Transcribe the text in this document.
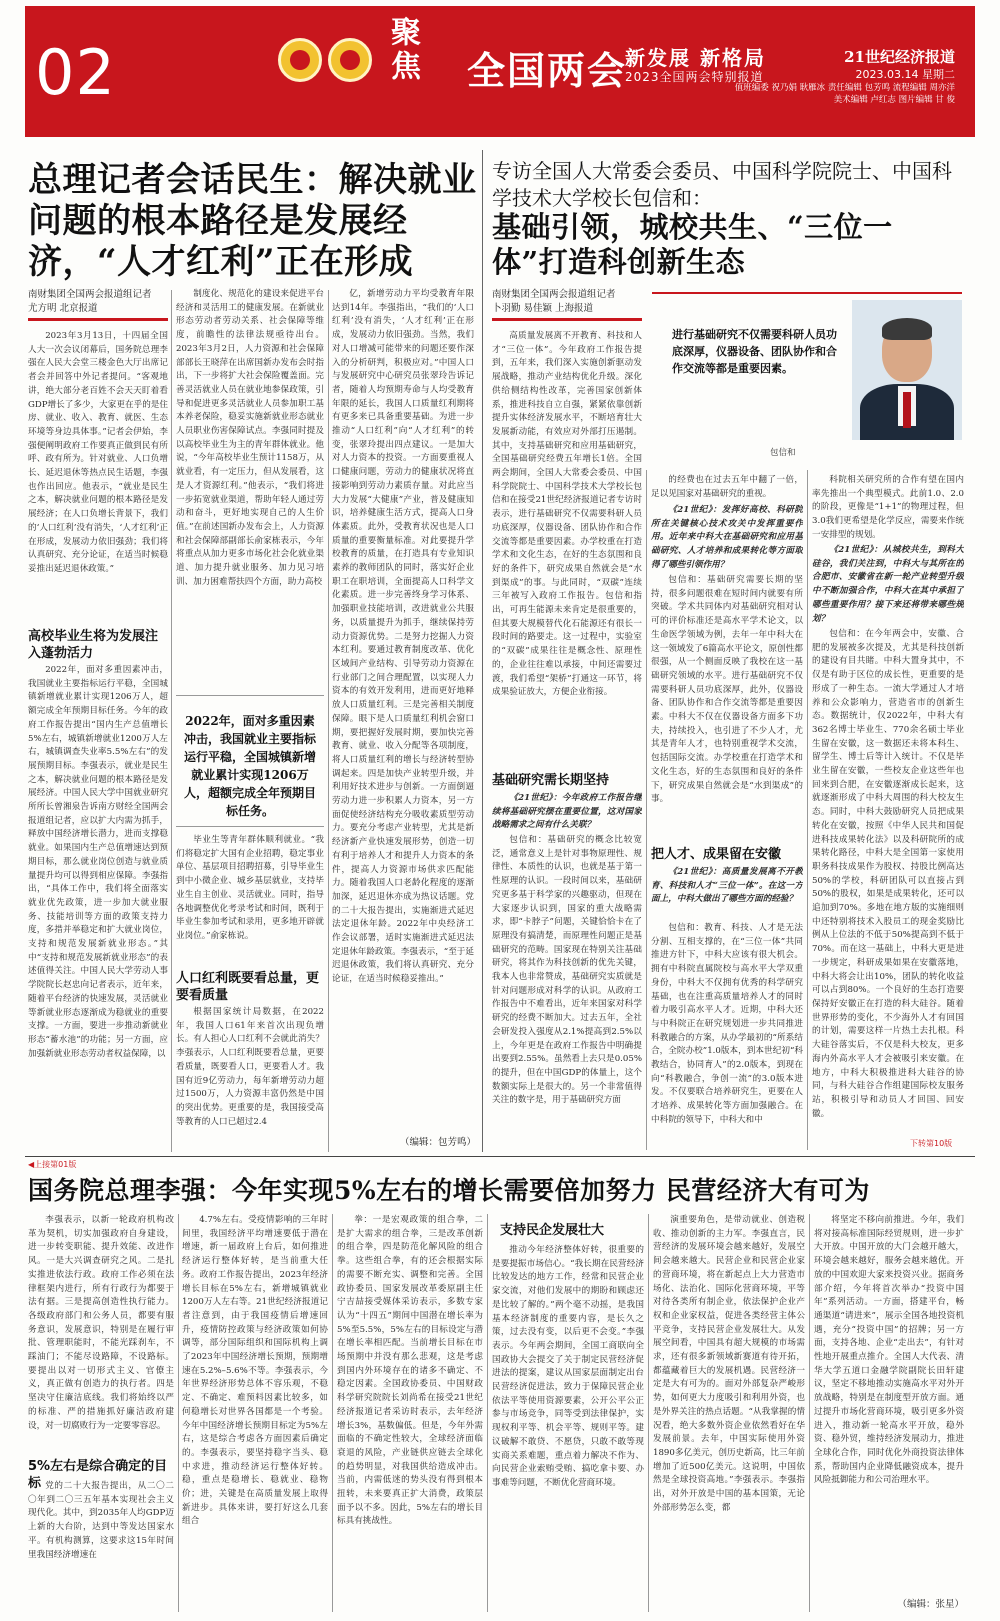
02	聚焦 全国两会
新发展 新格局
2023全国两会特别报道
21世纪经济报道
2023.03.14 星期二
值班编委 祝乃娟 耿雁冰 责任编辑 包芳鸣 流程编辑 周亦洋
美术编辑 卢红志 图片编辑 甘 俊
总理记者会话民生：解决就业问题的根本路径是发展经济，“人才红利”正在形成
南财集团全国两会报道组记者
尤方明 北京报道
2023年3月13日，十四届全国人大一次会议闭幕后，国务院总理李强在人民大会堂三楼金色大厅出席记者会并回答中外记者提问。“客观地讲，绝大部分老百姓不会天天盯着看GDP增长了多少，大家更在乎的是住房、就业、收入、教育、就医、生态环境等身边具体事。”记者会伊始，李强便阐明政府工作要真正做到民有所呼、政有所为。针对就业、人口负增长、延迟退休等热点民生话题，李强也作出回应。他表示，“就业是民生之本，解决就业问题的根本路径是发展经济；在人口负增长背景下，我们的‘人口红利’没有消失，‘人才红利’正在形成，发展动力依旧强劲；我们将认真研究、充分论证，在适当时候稳妥推出延迟退休政策。”
高校毕业生将为发展注入蓬勃活力
2022年，面对多重因素冲击，我国就业主要指标运行平稳，全国城镇新增就业累计实现1206万人，超额完成全年预期目标任务。今年的政府工作报告提出“国内生产总值增长5%左右，城镇新增就业1200万人左右，城镇调查失业率5.5%左右”的发展预期目标。李强表示，就业是民生之本，解决就业问题的根本路径是发展经济。中国人民大学中国就业研究所所长曾湘泉告诉南方财经全国两会报道组记者，应以扩大内需为抓手，释放中国经济增长潜力，进而支撑稳就业。如果国内生产总值增速达到预期目标，那么就业岗位创造与就业质量提升均可以得到相应保障。李强指出，“具体工作中，我们将全面落实就业优先政策，进一步加大就业服务、技能培训等方面的政策支持力度，多措并举稳定和扩大就业岗位，支持和规范发展新就业形态。”其中“支持和规范发展新就业形态”的表述值得关注。中国人民大学劳动人事学院院长赵忠向记者表示，近年来，随着平台经济的快速发展，灵活就业等新就业形态逐渐成为稳就业的重要支撑。一方面，要进一步推动新就业形态“蓄水池”的功能；另一方面，应加强新就业形态劳动者权益保障，以
制度化、规范化的建设来促进平台经济和灵活用工的健康发展。在新就业形态劳动者劳动关系、社会保障等维度，前瞻性的法律法规亟待出台。2023年3月2日，人力资源和社会保障部部长王晓萍在出席国新办发布会时指出，下一步将扩大社会保险覆盖面。完善灵活就业人员在就业地参保政策，引导和促进更多灵活就业人员参加职工基本养老保险，稳妥实施新就业形态就业人员职业伤害保障试点。李强同时提及以高校毕业生为主的青年群体就业。他说，“今年高校毕业生预计1158万，从就业看，有一定压力，但从发展看，这是人才资源红利。”他表示，“我们将进一步拓宽就业渠道，帮助年轻人通过劳动和奋斗，更好地实现自己的人生价值。”在前述国新办发布会上，人力资源和社会保障部副部长俞家栋表示，今年将重点从加力更多市场化社会化就业渠道、加力提升就业服务、加力见习培训、加力困难帮扶四个方面，助力高校
2022年，面对多重因素冲击，我国就业主要指标运行平稳，全国城镇新增就业累计实现1206万人，超额完成全年预期目标任务。
毕业生等青年群体顺利就业。“我们将稳定扩大国有企业招聘，稳定事业单位、基层项目招聘招募，引导毕业生到中小微企业、城乡基层就业，支持毕业生自主创业、灵活就业。同时，指导各地调整优化考录考试和时间，既利于毕业生参加考试和录用，更多地开辟就业岗位。”俞家栋说。
人口红利既要看总量，更要看质量
根据国家统计局数据，在2022年，我国人口61年来首次出现负增长。有人担心人口红利不会就此消失？李强表示，人口红利既要看总量，更要看质量，既要看人口，更要看人才。我国有近9亿劳动力，每年新增劳动力超过1500万，人力资源丰富仍然是中国的突出优势。更重要的是，我国接受高等教育的人口已超过2.4
亿，新增劳动力平均受教育年限达到14年。李强指出，“我们的‘人口红利’没有消失，‘人才红利’正在形成，发展动力依旧强劲。当然，我们对人口增减可能带来的问题还要作深入的分析研判，积极应对。”中国人口与发展研究中心研究员张翠玲告诉记者，随着人均预期寿命与人均受教育年限的延长，我国人口质量红利期将有更多来已具备重要基础。为进一步推动“人口红利”向“人才红利”的转变，张翠玲提出四点建议。一是加大对人力资本的投资。一方面要重视人口健康问题，劳动力的健康状况将直接影响到劳动力素质存量。对此应当大力发展“大健康”产业，普及健康知识，培养健康生活方式，提高人口身体素质。此外，受教育状况也是人口质量的重要衡量标准。对此要提升学校教育的质量，在打造具有专业知识素养的教师团队的同时，落实好企业职工在职培训，全面提高人口科学文化素质。进一步完善终身学习体系、加强职业技能培训，改进就业公共服务，以质量提升为抓手，继续保持劳动力资源优势。二是努力挖掘人力资本红利。要通过教育制度改革、优化区域间产业结构、引导劳动力资源在行业部门之间合理配置，以实现人力资本的有效开发利用，进而更好地释放人口质量红利。三是完善相关制度保障。眼下是人口质量红利机会窗口期，要把握好发展时期，要加快完善教育、就业、收入分配等各项制度，将人口质量红利的增长与经济转型协调起来。四是加快产业转型升级，并利用好技术进步与创新。一方面倒逼劳动力进一步积累人力资本，另一方面促使经济结构充分吸收素质型劳动力。要充分考虑产业转型，尤其是新经济新产业快速发展形势，创造一切有利于培养人才和提升人力资本的条件，提高人力资源市场供求匹配能力。随着我国人口老龄化程度的逐渐加深，延迟退休亦成为热议话题。党的二十大报告提出，实施渐进式延迟法定退休年龄。2022年中央经济工作会议部署，适时实施渐进式延迟法定退休年龄政策。李强表示，“至于延迟退休政策，我们将认真研究、充分论证，在适当时候稳妥推出。”
（编辑：包芳鸣）
专访全国人大常委会委员、中国科学院院士、中国科学技术大学校长包信和：
基础引领，城校共生、“三位一体”打造科创新生态
南财集团全国两会报道组记者
卜羽勤 易佳颖 上海报道
进行基础研究不仅需要科研人员功底深厚，仪器设备、团队协作和合作交流等都是重要因素。
包信和
高质量发展离不开教育、科技和人才“三位一体”。今年政府工作报告提到，五年来，我们深入实施创新驱动发展战略，推动产业结构优化升级。深化供给侧结构性改革，完善国家创新体系，推进科技自立自强，紧紧依靠创新提升实体经济发展水平，不断培育壮大发展新动能，有效应对外部打压遏制。其中，支持基础研究和应用基础研究，全国基础研究经费五年增长1倍。全国两会期间，全国人大常委会委员、中国科学院院士、中国科学技术大学校长包信和在接受21世纪经济报道记者专访时表示，进行基础研究不仅需要科研人员功底深厚，仪器设备、团队协作和合作交流等都是重要因素。办学校重在打造学术和文化生态，在好的生态氛围和良好的条件下，研究成果自然就会是“水到渠成”的事。与此同时，“双碳”连续三年被写入政府工作报告。包信和指出，可再生能源未来肯定是很重要的，但其要大规模替代化石能源还有很长一段时间的路要走。这一过程中，实验室的“双碳”成果往往是概念性、原理性的，企业往往难以承接，中间还需要过渡，我们希望“架桥”打通这一环节，将成果验证放大，方便企业衔接。
基础研究需长期坚持
《21世纪》：今年政府工作报告继续将基础研究摆在重要位置，这对国家战略需求之间有什么关联？
包信和：基础研究的概念比较宽泛，通常意义上是针对事物原理性、规律性、本质性的认识，也就是基于第一性原理的认识。一段时间以来，基础研究更多基于科学家的兴趣驱动，但现在大家逐步认识到，国家的重大战略需求，即“卡脖子”问题，关键恰恰卡在了原理没有搞清楚，而原理性问题正是基础研究的范畴。国家现在特别关注基础研究，将其作为科技创新的优先关键，我本人也非常赞成，基础研究实质就是针对问题形成对科学的认识。从政府工作报告中不难看出，近年来国家对科学研究的经费不断加大。过去五年，全社会研发投入强度从2.1%提高到2.5%以上，今年更是在政府工作报告中明确提出要到2.55%。虽然看上去只是0.05%的提升，但在中国GDP的体量上，这个数额实际上是很大的。另一个非常值得关注的数字是，用于基础研究方面
的经费也在过去五年中翻了一倍，足以见国家对基础研究的重视。
《21世纪》：发挥好高校、科研院所在关键核心技术攻关中发挥重要作用。近年来中科大在基础研究和应用基础研究、人才培养和成果转化等方面取得了哪些引领作用？
包信和：基础研究需要长期的坚持，很多问题很难在短时间内就要有所突破。学术共同体内对基础研究相对认可的评价标准还是高水平学术论文，以生命医学领域为例，去年一年中科大在这一领域发了6篇高水平论文，原创性都很强，从一个侧面反映了我校在这一基础研究领域的水平。进行基础研究不仅需要科研人员功底深厚，此外，仪器设备、团队协作和合作交流等都是重要因素。中科大不仅在仪器设备方面多下功夫，持续投入，也引进了不少人才，尤其是青年人才，也特别重视学术交流，包括国际交流。办学校重在打造学术和文化生态，好的生态氛围和良好的条件下，研究成果自然就会是“水到渠成”的事。
把人才、成果留在安徽
《21世纪》：高质量发展离不开教育、科技和人才“三位一体”。在这一方面上，中科大做出了哪些方面的经验？
包信和：教育、科技、人才是无法分割、互相支撑的，在“三位一体”共同推进方针下，中科大应该有很大机会。拥有中科院直属院校与高水平大学双重身份，中科大不仅拥有优秀的科学研究基础，也在注重高质量培养人才的同时着力吸引高水平人才。近期，中科大还与中科院正在研究规划进一步共同推进科教融合的方案，从办学最初的“所系结合，全院办校”1.0版本，到本世纪初“科教结合，协同育人”的2.0版本，到现在向“科教融合，争创一流”的3.0版本进发。不仅要联合培养研究生，更要在人才培养、成果转化等方面加强融合。在中科院的领导下，中科大和中
科院相关研究所的合作有望在国内率先推出一个典型模式。此前1.0、2.0的阶段，更像是“1+1”的物理过程，但3.0我们更希望是化学反应，需要来作统一安排型的规划。
《21世纪》：从城校共生，到科大硅谷，我们关注到，中科大与其所在的合肥市、安徽省在新一轮产业转型升级中不断加强合作，中科大在其中承担了哪些重要作用？接下来还将带来哪些规划？
包信和：在今年两会中，安徽、合肥的发展被多次提及，尤其是科技创新的建设有目共睹。中科大置身其中，不仅是有助于区位的成长性，更重要的是形成了一种生态。一流大学通过人才培养和公众影响力，营造省市的创新生态。数据统计，仅2022年，中科大有362名博士毕业生、770余名硕士毕业生留在安徽，这一数据还未将本科生、留学生、博士后等计入统计。不仅是毕业生留在安徽，一些校友企业这些年也回来到合肥，在安徽逐渐成长起来，这就逐渐形成了中科大周围的科大校友生态。同时，中科大鼓励研究人员把成果转化在安徽，按照《中华人民共和国促进科技成果转化法》以及科研院所的成果转化路径，中科大是全国第一家使用职务科技成果作为股权、持股比例高达50%的学校，科研团队可以直接占到50%的股权，如果是成果转化，还可以追加到70%。多地在地方版的实施细则中还特别将技术入股员工的现金奖励比例从上位法的不低于50%提高到不低于70%。而在这一基础上，中科大更是进一步规定，科研成果如果在安徽落地，中科大将会让出10%，团队的转化收益可以占到80%。一个良好的生态打造要保持好安徽正在打造的科大硅谷。随着世界形势的变化，不少海外人才有回国的计划，需要这样一片热土去扎根。科大硅谷落实后，不仅是科大校友，更多海内外高水平人才会被吸引来安徽。在地方，中科大积极推进科大硅谷的协同，与科大硅谷合作组建国际校友服务站，积极引导和动员人才回国、回安徽。
下转第10版
◀上接第01版
国务院总理李强：今年实现5%左右的增长需要倍加努力 民营经济大有可为
李强表示，以新一轮政府机构改革为契机，切实加强政府自身建设，进一步转变职能、提升效能、改进作风。一是大兴调查研究之风。二是扎实推进依法行政。政府工作必须在法律框架内进行，所有行政行为都要于法有据。三是提高创造性执行能力。各级政府部门和公务人员，都要有服务意识，发展意识，特别是在履行审批、管理职能时，不能光踩刹车，不踩油门；不能尽设路障，不设路标。要提出以对一切形式主义、官僚主义，真正做有创造力的执行者。四是坚决守住廉洁底线。我们将始终以严的标准、严的措施抓好廉洁政府建设，对一切腐败行为一定要零容忍。
5%左右是综合确定的目标 党的二十大报告提出，从二〇二〇年到二〇三五年基本实现社会主义现代化。其中，到2035年人均GDP迈上新的大台阶，达到中等发达国家水平。有机构测算，这要求这15年时间里我国经济增速在
4.7%左右。受疫情影响的三年时间里，我国经济平均增速要低于潜在增速，新一届政府上台后，如何推进经济运行整体好转，是当前重大任务。政府工作报告提出，2023年经济增长目标在5%左右，新增城镇就业1200万人左右等。21世纪经济报道记者注意到，由于我国疫情后增速回升，疫情防控政策与经济政策如何协调等，部分国际组织和国际机构上调了2023年中国经济增长预期，预期增速在5.2%–5.6%不等。李强表示，今年世界经济形势总体不容乐观，不稳定、不确定、难预料因素比较多，如何稳增长对世界各国都是一个考验。今年中国经济增长预期目标定为5%左右，这是综合考虑各方面因素后确定的。李强表示，要坚持稳字当头、稳中求进，推动经济运行整体好转。稳，重点是稳增长、稳就业、稳物价；进，关键是在高质量发展上取得新进步。具体来讲，要打好这么几套组合
拳：一是宏观政策的组合拳，二是扩大需求的组合拳，三是改革创新的组合拳，四是防范化解风险的组合拳。这些组合拳，有的还会根据实际的需要不断充实、调整和完善。全国政协委员、国家发展改革委原副主任宁吉喆接受媒体采访表示，多数专家认为“十四五”期间中国潜在增长率为5%至5.5%，5%左右的目标设定与潜在增长率相匹配。当前增长目标在市场预期中并没有那么悲观，这是考虑到国内外环境存在的诸多不确定、不稳定因素。全国政协委员、中国财政科学研究院院长刘尚希在接受21世纪经济报道记者采访时表示，去年经济增长3%，基数偏低。但是，今年外需面临的不确定性较大，全球经济面临衰退的风险，产业链供应链去全球化的趋势明显，对我国供给造成冲击。当前，内需低迷的势头没有得到根本扭转，未来要真正扩大消费，政策层面予以不多。因此，5%左右的增长目标具有挑战性。
支持民企发展壮大
推动今年经济整体好转，很重要的是要提振市场信心。“我长期在民营经济比较发达的地方工作，经常和民营企业家交流，对他们发展中的期盼和顾虑还是比较了解的。”两个毫不动摇，是我国基本经济制度的重要内容，是长久之策，过去没有变，以后更不会变。”李强表示。今年两会期间，全国工商联向全国政协大会提交了关于制定民营经济促进法的提案，建议从国家层面制定出台民营经济促进法，致力于保障民营企业依法平等使用资源要素，公开公平公正参与市场竞争，同等受到法律保护，实现权利平等、机会平等、规则平等。建议破解不敢贷、不愿贷，只敢不敢等现实商关系难题，重点着力解决不作为、向民营企业索贿受贿、搞吃拿卡要、办事难等问题，不断优化营商环境。
演重要角色，是带动就业、创造税收、推动创新的主力军。李强直言，民营经济的发展环境会越来越好，发展空间会越来越大。民营企业和民营企业家的营商环境，将在新起点上大力营造市场化、法治化、国际化营商环境，平等对待各类所有制企业，依法保护企业产权和企业家权益，促进各类经营主体公平竞争，支持民营企业发展壮大。从发展空间看，中国具有超大规模的市场需求，还有很多新领域新赛道有待开拓，都蕴藏着巨大的发展机遇。民营经济一定是大有可为的。面对外部复杂严峻形势，如何更大力度吸引和利用外资，也是外界关注的热点话题。“从我掌握的情况看，绝大多数外资企业依然看好在华发展前景。去年，中国实际使用外资1890多亿美元，创历史新高，比三年前增加了近500亿美元。这说明，中国依然是全球投资高地。”李强表示。李强指出，对外开放是中国的基本国策，无论外部形势怎么变，都
将坚定不移向前推进。今年，我们将对接高标准国际经贸规则，进一步扩大开放。中国开放的大门会越开越大，环境会越来越好，服务会越来越优。开放的中国欢迎大家来投资兴业。据商务部介绍，今年将首次举办“投资中国年”系列活动。一方面，搭建平台，畅通渠道“请进来”，展示全国各地投资机遇，充分“投资中国”的招牌；另一方面，支持各地、企业“走出去”，有针对性地开展重点推介。全国人大代表、清华大学五道口金融学院副院长田轩建议，坚定不移地推动实施高水平对外开放战略，特别是在制度型开放方面。通过提升市场化营商环境，吸引更多外资进入，推动新一轮高水平开放，稳外资、稳外贸，维持经济发展动力，推进全球化合作，同时优化外商投资法律体系，帮助国内企业降低融资成本，提升风险抵御能力和公司治理水平。
（编辑：张星）
